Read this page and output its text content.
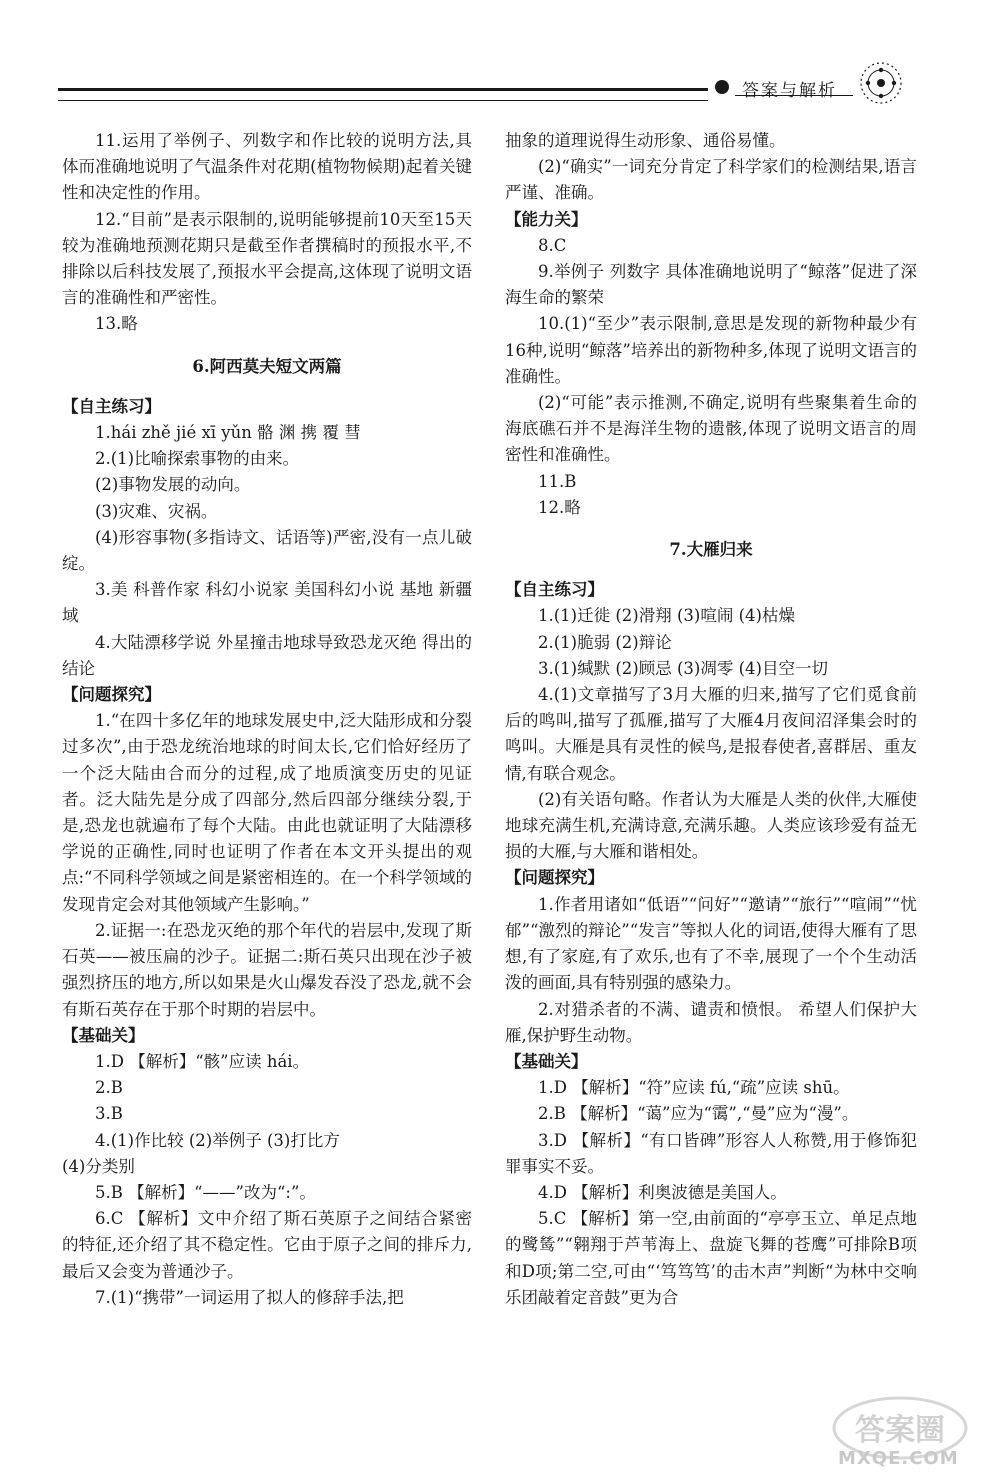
答案与解析

11.运用了举例子、列数字和作比较的说明方法,具体而准确地说明了气温条件对花期(植物物候期)起着关键性和决定性的作用。

12.“目前”是表示限制的,说明能够提前10天至15天较为准确地预测花期只是截至作者撰稿时的预报水平,不排除以后科技发展了,预报水平会提高,这体现了说明文语言的准确性和严密性。

13.略

6.阿西莫夫短文两篇

【自主练习】

1.hái zhě jié xī yǔn 骼 渊 携 覆 彗

2.(1)比喻探索事物的由来。

(2)事物发展的动向。

(3)灾难、灾祸。

(4)形容事物(多指诗文、话语等)严密,没有一点儿破绽。

3.美 科普作家 科幻小说家 美国科幻小说 基地 新疆域

4.大陆漂移学说 外星撞击地球导致恐龙灭绝 得出的结论

【问题探究】

1.“在四十多亿年的地球发展史中,泛大陆形成和分裂过多次”,由于恐龙统治地球的时间太长,它们恰好经历了一个泛大陆由合而分的过程,成了地质演变历史的见证者。泛大陆先是分成了四部分,然后四部分继续分裂,于是,恐龙也就遍布了每个大陆。由此也就证明了大陆漂移学说的正确性,同时也证明了作者在本文开头提出的观点:“不同科学领域之间是紧密相连的。在一个科学领域的发现肯定会对其他领域产生影响。”

2.证据一:在恐龙灭绝的那个年代的岩层中,发现了斯石英——被压扁的沙子。证据二:斯石英只出现在沙子被强烈挤压的地方,所以如果是火山爆发吞没了恐龙,就不会有斯石英存在于那个时期的岩层中。

【基础关】

1.D 【解析】“骸”应读 hái。

2.B

3.B

4.(1)作比较 (2)举例子 (3)打比方

(4)分类别

5.B 【解析】“——”改为“:”。

6.C 【解析】文中介绍了斯石英原子之间结合紧密的特征,还介绍了其不稳定性。它由于原子之间的排斥力,最后又会变为普通沙子。

7.(1)“携带”一词运用了拟人的修辞手法,把

抽象的道理说得生动形象、通俗易懂。

(2)“确实”一词充分肯定了科学家们的检测结果,语言严谨、准确。

【能力关】

8.C

9.举例子 列数字 具体准确地说明了“鲸落”促进了深海生命的繁荣

10.(1)“至少”表示限制,意思是发现的新物种最少有16种,说明“鲸落”培养出的新物种多,体现了说明文语言的准确性。

(2)“可能”表示推测,不确定,说明有些聚集着生命的海底礁石并不是海洋生物的遗骸,体现了说明文语言的周密性和准确性。

11.B

12.略

7.大雁归来

【自主练习】

1.(1)迁徙 (2)滑翔 (3)喧闹 (4)枯燥

2.(1)脆弱 (2)辩论

3.(1)缄默 (2)顾忌 (3)凋零 (4)目空一切

4.(1)文章描写了3月大雁的归来,描写了它们觅食前后的鸣叫,描写了孤雁,描写了大雁4月夜间沼泽集会时的鸣叫。大雁是具有灵性的候鸟,是报春使者,喜群居、重友情,有联合观念。

(2)有关语句略。作者认为大雁是人类的伙伴,大雁使地球充满生机,充满诗意,充满乐趣。人类应该珍爱有益无损的大雁,与大雁和谐相处。

【问题探究】

1.作者用诸如“低语”“问好”“邀请”“旅行”“喧闹”“忧郁”“激烈的辩论”“发言”等拟人化的词语,使得大雁有了思想,有了家庭,有了欢乐,也有了不幸,展现了一个个生动活泼的画面,具有特别强的感染力。

2.对猎杀者的不满、谴责和愤恨。 希望人们保护大雁,保护野生动物。

【基础关】

1.D 【解析】“符”应读 fú,“疏”应读 shū。

2.B 【解析】“蔼”应为“霭”,“曼”应为“漫”。

3.D 【解析】“有口皆碑”形容人人称赞,用于修饰犯罪事实不妥。

4.D 【解析】利奥波德是美国人。

5.C 【解析】第一空,由前面的“亭亭玉立、单足点地的鹭鸶”“翱翔于芦苇海上、盘旋飞舞的苍鹰”可排除B项和D项;第二空,可由“‘笃笃笃’的击木声”判断“为林中交响乐团敲着定音鼓”更为合

答案圈
MXQE.COM
